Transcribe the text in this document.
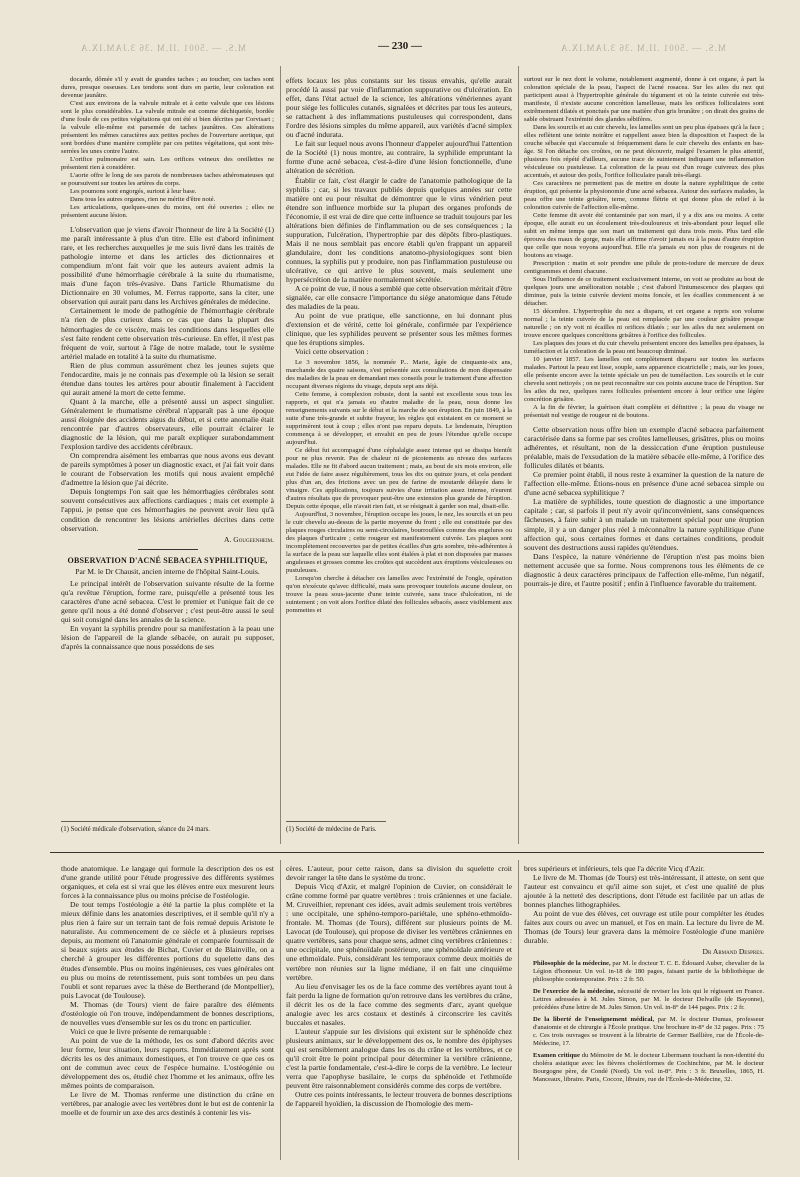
M.S. — .5001 .II.M .36 3.JAM.IX.A	— 230 —	M.S. — .5001 .II.M .36 3.JAM.IX.A

docarde, dômée s'il y avait de grandes taches ; au toucher, ces taches sont dures, presque osseuses. Les tendons sont durs en partie, leur coloration est devenue jaunâtre.

C'est aux environs de la valvule mitrale et à cette valvule que ces lésions sont le plus considérables. La valvule mitrale est comme déchiquetée, bordée d'une foule de ces petites végétations qui ont été si bien décrites par Corvisart ; la valvule elle-même est parsemée de taches jaunâtres. Ces altérations présentent les mêmes caractères aux petites poches de l'ouverture aortique, qui sont bordées d'une manière complète par ces petites végétations, qui sont très-serrées les unes contre l'autre.

L'orifice pulmonaire est sain. Les orifices veineux des oreillettes ne présentent rien à considérer.

L'aorte offre le long de ses parois de nombreuses taches athéromateuses qui se poursuivent sur toutes les artères du corps.

Les poumons sont engorgés, surtout à leur base.

Dans tous les autres organes, rien ne mérite d'être noté.

Les articulations, quelques-unes du moins, ont été ouvertes ; elles ne présentent aucune lésion.

L'observation que je viens d'avoir l'honneur de lire à la Société (1) me paraît intéressante à plus d'un titre. Elle est d'abord infiniment rare, et les recherches auxquelles je me suis livré dans les traités de pathologie interne et dans les articles des dictionnaires et compendium m'ont fait voir que les auteurs avaient admis la possibilité d'une hémorrhagie cérébrale à la suite du rhumatisme, mais d'une façon très-évasive. Dans l'article Rhumatisme du Dictionnaire en 30 volumes, M. Ferrus rapporte, sans la citer, une observation qui aurait paru dans les Archives générales de médecine.

Certainement le mode de pathogénie de l'hémorrhagie cérébrale n'a rien de plus curieux dans ce cas que dans la plupart des hémorrhagies de ce viscère, mais les conditions dans lesquelles elle s'est faite rendent cette observation très-curieuse. En effet, il n'est pas fréquent de voir, surtout à l'âge de notre malade, tout le système artériel malade en totalité à la suite du rhumatisme.

Rien de plus commun assurément chez les jeunes sujets que l'endocardite, mais je ne connais pas d'exemple où la lésion se serait étendue dans toutes les artères pour aboutir finalement à l'accident qui aurait amené la mort de cette femme.

Quant à la marche, elle a présenté aussi un aspect singulier. Généralement le rhumatisme cérébral n'apparaît pas à une époque aussi éloignée des accidents aigus du début, et si cette anomalie était rencontrée par d'autres observateurs, elle pourrait éclairer le diagnostic de la lésion, qui me paraît expliquer surabondamment l'explosion tardive des accidents cérébraux.

On comprendra aisément les embarras que nous avons eus devant de pareils symptômes à poser un diagnostic exact, et j'ai fait voir dans le courant de l'observation les motifs qui nous avaient empêché d'admettre la lésion que j'ai décrite.

Depuis longtemps l'on sait que les hémorrhagies cérébrales sont souvent consécutives aux affections cardiaques ; mais cet exemple à l'appui, je pense que ces hémorrhagies ne peuvent avoir lieu qu'à condition de rencontrer les lésions artérielles décrites dans cette observation.

A. Gougeenheim.

OBSERVATION D'ACNÉ SEBACEA SYPHILITIQUE,

Par M. le Dr Chausit, ancien interne de l'hôpital Saint-Louis.

Le principal intérêt de l'observation suivante résulte de la forme qu'a revêtue l'éruption, forme rare, puisqu'elle a présenté tous les caractères d'une acné sebacea. C'est le premier et l'unique fait de ce genre qu'il nous a été donné d'observer ; c'est peut-être aussi le seul qui soit consigné dans les annales de la science.

En voyant la syphilis prendre pour sa manifestation à la peau une lésion de l'appareil de la glande sébacée, on aurait pu supposer, d'après la connaissance que nous possédons de ses

effets locaux les plus constants sur les tissus envahis, qu'elle aurait procédé là aussi par voie d'inflammation suppurative ou d'ulcération. En effet, dans l'état actuel de la science, les altérations vénériennes ayant pour siége les follicules cutanés, signalées et décrites par tous les auteurs, se rattachent à des inflammations pustuleuses qui correspondent, dans l'ordre des lésions simples du même appareil, aux variétés d'acné simplex ou d'acné indurata.

Le fait sur lequel nous avons l'honneur d'appeler aujourd'hui l'attention de la Société (1) nous montre, au contraire, la syphilide empruntant la forme d'une acné sebacea, c'est-à-dire d'une lésion fonctionnelle, d'une altération de sécrétion.

Établir ce fait, c'est élargir le cadre de l'anatomie pathologique de la syphilis ; car, si les travaux publiés depuis quelques années sur cette matière ont eu pour résultat de démontrer que le virus vénérien peut étendre son influence morbide sur la plupart des organes profonds de l'économie, il est vrai de dire que cette influence se traduit toujours par les altérations bien définies de l'inflammation ou de ses conséquences ; la suppuration, l'ulcération, l'hypertrophie par des dépôts fibro-plastiques. Mais il ne nous semblait pas encore établi qu'en frappant un appareil glandulaire, dont les conditions anatomo-physiologiques sont bien connues, la syphilis put y produire, non pas l'inflammation pustuleuse ou ulcérative, ce qui arrive le plus souvent, mais seulement une hypersécrétion de la matière normalement sécrétée.

A ce point de vue, il nous a semblé que cette observation méritait d'être signalée, car elle consacre l'importance du siége anatomique dans l'étude des maladies de la peau.

Au point de vue pratique, elle sanctionne, en lui donnant plus d'extension et de vérité, cette loi générale, confirmée par l'expérience clinique, que les syphilides peuvent se présenter sous les mêmes formes que les éruptions simples.

Voici cette observation :

Le 3 novembre 1856, la nommée P... Marie, âgée de cinquante-six ans, marchande des quatre saisons, s'est présentée aux consultations de mon dispensaire des maladies de la peau en demandant mes conseils pour le traitement d'une affection occupant diverses régions du visage, depuis sept ans déjà.

Cette femme, à complexion robuste, dont la santé est excellente sous tous les rapports, et qui n'a jamais eu d'autre maladie de la peau, nous donne les renseignements suivants sur le début et la marche de son éruption. En juin 1849, à la suite d'une très-grande et subite frayeur, les règles qui existaient en ce moment se supprimèrent tout à coup ; elles n'ont pas reparu depuis. Le lendemain, l'éruption commença à se développer, et envahit en peu de jours l'étendue qu'elle occupe aujourd'hui.

Ce début fut accompagné d'une céphalalgie assez intense qui se dissipa bientôt pour ne plus revenir. Pas de chaleur ni de picotements au niveau des surfaces malades. Elle ne fit d'abord aucun traitement ; mais, au bout de six mois environ, elle eut l'idée de faire assez régulièrement, tous les dix ou quinze jours, et cela pendant plus d'un an, des frictions avec un peu de farine de moutarde délayée dans le vinaigre. Ces applications, toujours suivies d'une irritation assez intense, n'eurent d'autres résultats que de provoquer peut-être une extension plus grande de l'éruption. Depuis cette époque, elle n'avait rien fait, et se résignait à garder son mal, disait-elle.

Aujourd'hui, 3 novembre, l'éruption occupe les joues, le nez, les sourcils et un peu le cuir chevelu au-dessus de la partie moyenne du front ; elle est constituée par des plaques rouges circulaires ou semi-circulaires, bourrouflées comme des engelures ou des plaques d'urticaire ; cette rougeur est manifestement cuivrée. Les plaques sont incomplètement recouvertes par de petites écailles d'un gris sombre, très-adhérentes à la surface de la peau sur laquelle elles sont étalées à plat et non disposées par masses anguleuses et grosses comme les croûtes qui succèdent aux éruptions vésiculeuses ou pustuleuses.

Lorsqu'on cherche à détacher ces lamelles avec l'extrémité de l'ongle, opération qu'on n'exécute qu'avec difficulté, mais sans provoquer toutefois aucune douleur, on trouve la peau sous-jacente d'une teinte cuivrée, sans trace d'ulcération, ni de suintement ; on voit alors l'orifice dilaté des follicules sébacés, assez visiblement aux pommettes et

surtout sur le nez dont le volume, notablement augmenté, donne à cet organe, à part la coloration spéciale de la peau, l'aspect de l'acné rosacea. Sur les ailes du nez qui participent aussi à l'hypertrophie générale du tégument et où la teinte cuivrée est très-manifeste, il n'existe aucune concrétion lamelleuse, mais les orifices folliculaires sont extrêmement dilatés et ponctués par une matière d'un gris brunâtre ; on dirait des grains de sable obstruant l'extrémité des glandes sébifères.

Dans les sourcils et au cuir chevelu, les lamelles sont un peu plus épaisses qu'à la face ; elles reflètent une teinte noirâtre et rappellent assez bien la disposition et l'aspect de la couche sébacée qui s'accumule si fréquemment dans le cuir chevelu des enfants en bas-âge. Si l'on détache ces croûtes, on ne peut découvrir, malgré l'examen le plus attentif, plusieurs fois répété d'ailleurs, aucune trace de suintement indiquant une inflammation vésiculeuse ou pustuleuse. La coloration de la peau est d'un rouge cuivreux des plus accentués, et autour des poils, l'orifice folliculaire paraît très-élargi.

Ces caractères ne permettent pas de mettre en doute la nature syphilitique de cette éruption, qui présente la physionomie d'une acné sebacea. Autour des surfaces malades, la peau offre une teinte grisâtre, terne, comme flétrie et qui donne plus de relief à la coloration cuivrée de l'affection elle-même.

Cette femme dit avoir été contaminée par son mari, il y a dix ans ou moins. A cette époque, elle aurait eu un écoulement très-douloureux et très-abondant pour lequel elle subit en même temps que son mari un traitement qui dura trois mois. Plus tard elle éprouva des maux de gorge, mais elle affirme n'avoir jamais eu à la peau d'autre éruption que celle que nous voyons aujourd'hui. Elle n'a jamais eu non plus de rougeurs ni de boutons au visage.

Prescription : matin et soir prendre une pilule de proto-iodure de mercure de deux centigrammes et demi chacune.

Sous l'influence de ce traitement exclusivement interne, on voit se produire au bout de quelques jours une amélioration notable ; c'est d'abord l'intumescence des plaques qui diminue, puis la teinte cuivrée devient moins foncée, et les écailles commencent à se détacher.

15 décembre. L'hypertrophie du nez a disparu, et cet organe a repris son volume normal ; la teinte cuivrée de la peau est remplacée par une couleur grisâtre presque naturelle ; on n'y voit ni écailles ni orifices dilatés ; sur les ailes du nez seulement on trouve encore quelques concrétions grisâtres à l'orifice des follicules.

Les plaques des joues et du cuir chevelu présentent encore des lamelles peu épaisses, la tuméfaction et la coloration de la peau ont beaucoup diminué.

10 janvier 1857. Les lamelles ont complètement disparu sur toutes les surfaces malades. Partout la peau est lisse, souple, sans apparence cicatricielle ; mais, sur les joues, elle présente encore avec la teinte spéciale un peu de tuméfaction. Les sourcils et le cuir chevelu sont nettoyés ; on ne peut reconnaître sur ces points aucune trace de l'éruption. Sur les ailes du nez, quelques rares follicules présentent encore à leur orifice une légère concrétion grisâtre.

A la fin de février, la guérison était complète et définitive ; la peau du visage ne présentait nul vestige de rougeur ni de boutons.

Cette observation nous offre bien un exemple d'acné sebacea parfaitement caractérisée dans sa forme par ses croûtes lamelleuses, grisâtres, plus ou moins adhérentes, et résultant, non de la dessiccation d'une éruption pustuleuse préalable, mais de l'exsudation de la matière sébacée elle-même, à l'orifice des follicules dilatés et béants.

Ce premier point établi, il nous reste à examiner la question de la nature de l'affection elle-même. Étions-nous en présence d'une acné sebacea simple ou d'une acné sebacea syphilitique ?

La matière de syphilides, toute question de diagnostic a une importance capitale ; car, si parfois il peut n'y avoir qu'inconvénient, sans conséquences fâcheuses, à faire subir à un malade un traitement spécial pour une éruption simple, il y a un danger plus réel à méconnaître la nature syphilitique d'une affection qui, sous certaines formes et dans certaines conditions, produit souvent des destructions aussi rapides qu'étendues.

Dans l'espèce, la nature vénérienne de l'éruption n'est pas moins bien nettement accusée que sa forme. Nous comprenons tous les éléments de ce diagnostic à deux caractères principaux de l'affection elle-même, l'un négatif, pourrais-je dire, et l'autre positif ; enfin à l'influence favorable du traitement.

(1) Société médicale d'observation, séance du 24 mars.	(1) Société de médecine de Paris.

thode anatomique. Le langage qui formule la description des os est d'une grande utilité pour l'étude progressive des différents systèmes organiques, et cela est si vrai que les élèves entre eux mesurent leurs forces à la connaissance plus ou moins précise de l'ostéologie.

De tout temps l'ostéologie a été la partie la plus complète et la mieux définie dans les anatomies descriptives, et il semble qu'il n'y a plus rien à faire sur un terrain tant de fois remué depuis Aristote le naturaliste. Au commencement de ce siècle et à plusieurs reprises depuis, au moment où l'anatomie générale et comparée fournissait de si beaux sujets aux études de Bichat, Cuvier et de Blainville, on a cherché à grouper les différentes portions du squelette dans des études d'ensemble. Plus ou moins ingénieuses, ces vues générales ont eu plus ou moins de retentissement, puis sont tombées un peu dans l'oubli et sont reparues avec la thèse de Bertherand (de Montpellier), puis Lavocat (de Toulouse).

M. Thomas (de Tours) vient de faire paraître des éléments d'ostéologie où l'on trouve, indépendamment de bonnes descriptions, de nouvelles vues d'ensemble sur les os du tronc en particulier.

Voici ce que le livre présente de remarquable :

Au point de vue de la méthode, les os sont d'abord décrits avec leur forme, leur situation, leurs rapports. Immédiatement après sont décrits les os des animaux domestiques, et l'on trouve ce que ces os ont de commun avec ceux de l'espèce humaine. L'ostéogénie ou développement des os, étudié chez l'homme et les animaux, offre les mêmes points de comparaison.

Le livre de M. Thomas renferme une distinction du crâne en vertèbres, par analogie avec les vertèbres dont le but est de contenir la moelle et de fournir un axe des arcs destinés à contenir les vis-

cères. L'auteur, pour cette raison, dans sa division du squelette croit devoir ranger la tête dans le système du tronc.

Depuis Vicq d'Azir, et malgré l'opinion de Cuvier, on considérait le crâne comme formé par quatre vertèbres : trois crâniennes et une faciale. M. Cruveilhier, reprenant ces idées, avait admis seulement trois vertèbres : une occipitale, une sphéno-temporo-pariétale, une sphéno-ethmoïdo-frontale. M. Thomas (de Tours), différent sur plusieurs points de M. Lavocat (de Toulouse), qui propose de diviser les vertèbres crâniennes en quatre vertèbres, sans pour chaque sens, admet cinq vertèbres crâniennes : une occipitale, une sphénoïdale postérieure, une sphénoïdale antérieure et une ethmoïdale. Puis, considérant les temporaux comme deux moitiés de vertèbre non réunies sur la ligne médiane, il en fait une cinquième vertèbre.

Au lieu d'envisager les os de la face comme des vertèbres ayant tout à fait perdu la ligne de formation qu'on retrouve dans les vertèbres du crâne, il décrit les os de la face comme des segments d'arc, ayant quelque analogie avec les arcs costaux et destinés à circonscrire les cavités buccales et nasales.

L'auteur s'appuie sur les divisions qui existent sur le sphénoïde chez plusieurs animaux, sur le développement des os, le nombre des épiphyses qui est sensiblement analogue dans les os du crâne et les vertèbres, et ce qu'il croit être le point principal pour déterminer la vertèbre crânienne, c'est la partie fondamentale, c'est-à-dire le corps de la vertèbre. Le lecteur verra que l'apophyse basilaire, le corps du sphénoïde et l'ethmoïde peuvent être raisonnablement considérés comme des corps de vertèbre.

Outre ces points intéressants, le lecteur trouvera de bonnes descriptions de l'appareil hyoïdien, la discussion de l'homologie des mem-

bres supérieurs et inférieurs, tels que l'a décrite Vicq d'Azir.

Le livre de M. Thomas (de Tours) est très-intéressant, il atteste, on sent que l'auteur est convaincu et qu'il aime son sujet, et c'est une qualité de plus ajoutée à la netteté des descriptions, dont l'étude est facilitée par un atlas de bonnes planches lithographiées.

Au point de vue des élèves, cet ouvrage est utile pour compléter les études faites aux cours ou avec un manuel, et l'os en main. La lecture du livre de M. Thomas (de Tours) leur gravera dans la mémoire l'ostéologie d'une manière durable.

Dr Armand Despres.

Philosophie de la médecine, par M. le docteur T. C. E. Édouard Auber, chevalier de la Légion d'honneur. Un vol. in-18 de 180 pages, faisant partie de la bibliothèque de philosophie contemporaine. Prix : 2 fr. 50.

De l'exercice de la médecine, nécessité de reviser les lois qui le régissent en France. Lettres adressées à M. Jules Simon, par M. le docteur Delvaille (de Bayonne), précédées d'une lettre de M. Jules Simon. Un vol. in-8° de 144 pages. Prix : 2 fr.

De la liberté de l'enseignement médical, par M. le docteur Dumas, professeur d'anatomie et de chirurgie à l'École pratique. Une brochure in-8° de 32 pages. Prix : 75 c. Ces trois ouvrages se trouvent à la librairie de Germer Baillière, rue de l'École-de-Médecine, 17.

Examen critique du Mémoire de M. le docteur Libermann touchant la non-identité du choléra asiatique avec les fièvres cholériformes de Cochinchine, par M. le docteur Bourgogne père, de Condé (Nord). Un vol. in-8°. Prix : 3 fr. Bruxelles, 1865, H. Manceaux, libraire. Paris, Coccoz, libraire, rue de l'École-de-Médecine, 32.
